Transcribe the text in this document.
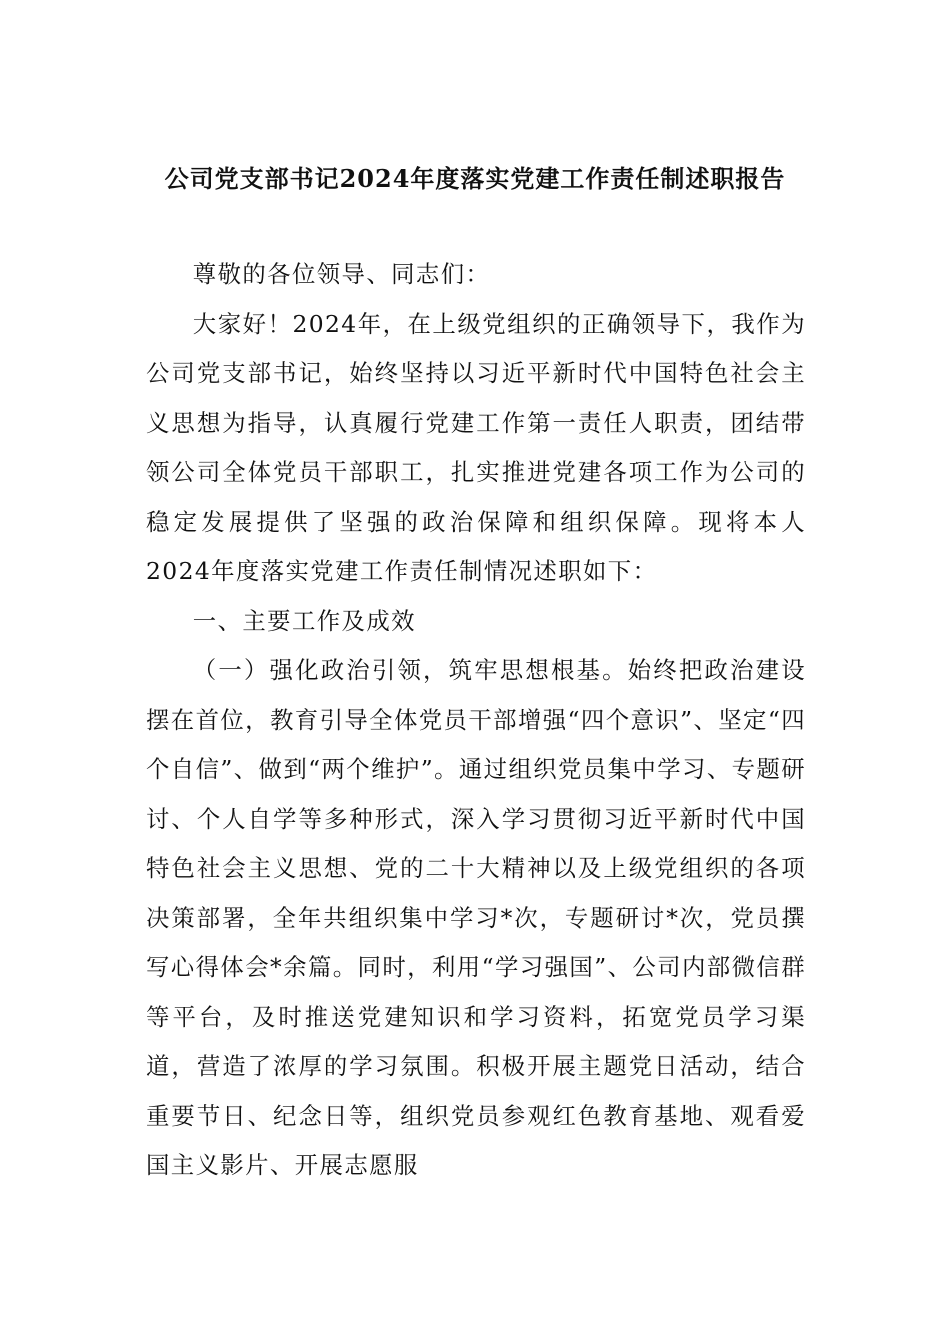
公司党支部书记2024年度落实党建工作责任制述职报告

尊敬的各位领导、同志们：

大家好！2024年，在上级党组织的正确领导下，我作为公司党支部书记，始终坚持以习近平新时代中国特色社会主义思想为指导，认真履行党建工作第一责任人职责，团结带领公司全体党员干部职工，扎实推进党建各项工作为公司的稳定发展提供了坚强的政治保障和组织保障。现将本人2024年度落实党建工作责任制情况述职如下：

一、主要工作及成效

（一）强化政治引领，筑牢思想根基。始终把政治建设摆在首位，教育引导全体党员干部增强“四个意识”、坚定“四个自信”、做到“两个维护”。通过组织党员集中学习、专题研讨、个人自学等多种形式，深入学习贯彻习近平新时代中国特色社会主义思想、党的二十大精神以及上级党组织的各项决策部署，全年共组织集中学习*次，专题研讨*次，党员撰写心得体会*余篇。同时，利用“学习强国”、公司内部微信群等平台，及时推送党建知识和学习资料，拓宽党员学习渠道，营造了浓厚的学习氛围。积极开展主题党日活动，结合重要节日、纪念日等，组织党员参观红色教育基地、观看爱国主义影片、开展志愿服
